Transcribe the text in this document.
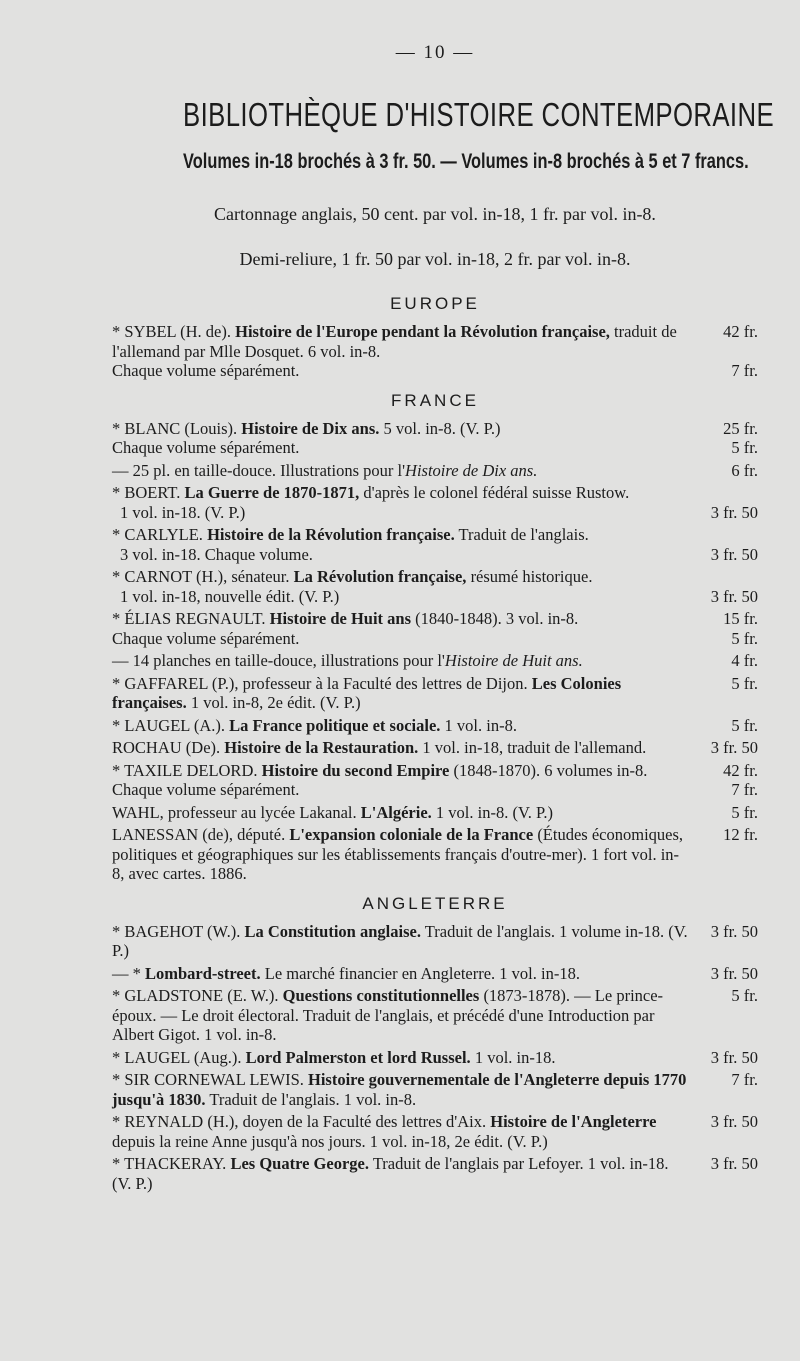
— 10 —
BIBLIOTHÈQUE D'HISTOIRE CONTEMPORAINE
Volumes in-18 brochés à 3 fr. 50. — Volumes in-8 brochés à 5 et 7 francs.
Cartonnage anglais, 50 cent. par vol. in-18, 1 fr. par vol. in-8.
Demi-reliure, 1 fr. 50 par vol. in-18, 2 fr. par vol. in-8.
EUROPE
* SYBEL (H. de). Histoire de l'Europe pendant la Révolution française, traduit de l'allemand par Mlle Dosquet. 6 vol. in-8.
42 fr.
Chaque volume séparément.	7 fr.
FRANCE
* BLANC (Louis). Histoire de Dix ans. 5 vol. in-8. (V. P.)	25 fr.
Chaque volume séparément.	5 fr.
— 25 pl. en taille-douce. Illustrations pour l'Histoire de Dix ans.	6 fr.
* BOERT. La Guerre de 1870-1871, d'après le colonel fédéral suisse Rustow.
1 vol. in-18. (V. P.)	3 fr. 50
* CARLYLE. Histoire de la Révolution française. Traduit de l'anglais.
3 vol. in-18. Chaque volume.	3 fr. 50
* CARNOT (H.), sénateur. La Révolution française, résumé historique.
1 vol. in-18, nouvelle édit. (V. P.)	3 fr. 50
* ÉLIAS REGNAULT. Histoire de Huit ans (1840-1848). 3 vol. in-8.	15 fr.
Chaque volume séparément.	5 fr.
— 14 planches en taille-douce, illustrations pour l'Histoire de Huit ans.	4 fr.
* GAFFAREL (P.), professeur à la Faculté des lettres de Dijon. Les Colonies françaises. 1 vol. in-8, 2e édit. (V. P.)
5 fr.
* LAUGEL (A.). La France politique et sociale. 1 vol. in-8.	5 fr.
ROCHAU (De). Histoire de la Restauration. 1 vol. in-18, traduit de l'allemand.	3 fr. 50
* TAXILE DELORD. Histoire du second Empire (1848-1870). 6 volumes in-8.	42 fr.
Chaque volume séparément.	7 fr.
WAHL, professeur au lycée Lakanal. L'Algérie. 1 vol. in-8. (V. P.)	5 fr.
LANESSAN (de), député. L'expansion coloniale de la France (Études économiques, politiques et géographiques sur les établissements français d'outre-mer). 1 fort vol. in-8, avec cartes. 1886.
12 fr.
ANGLETERRE
* BAGEHOT (W.). La Constitution anglaise. Traduit de l'anglais. 1 volume in-18. (V. P.)
3 fr. 50
— * Lombard-street. Le marché financier en Angleterre. 1 vol. in-18.	3 fr. 50
* GLADSTONE (E. W.). Questions constitutionnelles (1873-1878). — Le prince-époux. — Le droit électoral. Traduit de l'anglais, et précédé d'une Introduction par Albert Gigot. 1 vol. in-8.
5 fr.
* LAUGEL (Aug.). Lord Palmerston et lord Russel. 1 vol. in-18.	3 fr. 50
* SIR CORNEWAL LEWIS. Histoire gouvernementale de l'Angleterre depuis 1770 jusqu'à 1830. Traduit de l'anglais. 1 vol. in-8.
7 fr.
* REYNALD (H.), doyen de la Faculté des lettres d'Aix. Histoire de l'Angleterre depuis la reine Anne jusqu'à nos jours. 1 vol. in-18, 2e édit. (V. P.)
3 fr. 50
* THACKERAY. Les Quatre George. Traduit de l'anglais par Lefoyer. 1 vol. in-18. (V. P.)
3 fr. 50
